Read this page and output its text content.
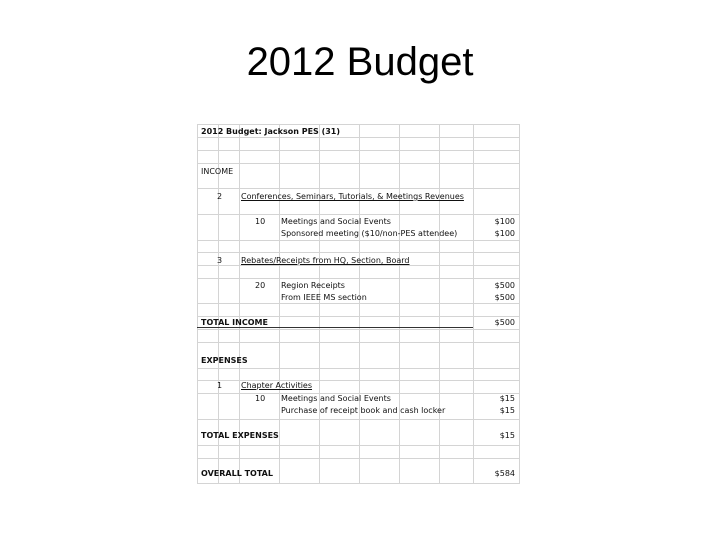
2012 Budget
2012 Budget: Jackson PES (31)
INCOME
2 Conferences, Seminars, Tutorials, & Meetings Revenues
10 Meetings and Social Events	$100
Sponsored meeting ($10/non-PES attendee)	$100
3 Rebates/Receipts from HQ, Section, Board
20 Region Receipts	$500
From IEEE MS section	$500
TOTAL INCOME	$500
EXPENSES
1 Chapter Activities
10 Meetings and Social Events	$15
Purchase of receipt book and cash locker	$15
TOTAL EXPENSES	$15
OVERALL TOTAL	$584
